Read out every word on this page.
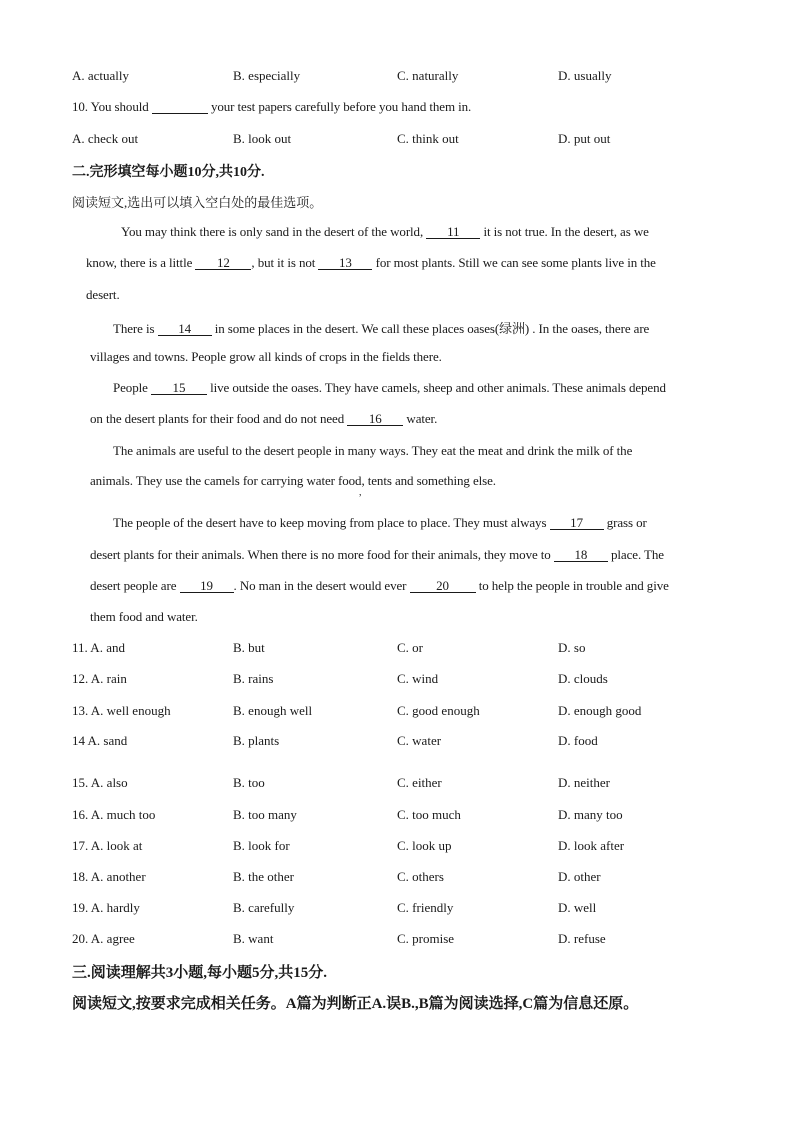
A. actually	B. especially	C. naturally	D. usually
10. You should	your test papers carefully before you hand them in.
A. check out	B. look out	C. think out	D. put out
二.完形填空每小题10分,共10分.
阅读短文,选出可以填入空白处的最佳选项。
You may think there is only sand in the desert of the world, 11 it is not true. In the desert, as we
know, there is a little 12 , but it is not 13 for most plants. Still we can see some plants live in the
desert.
There is 14 in some places in the desert. We call these places oases(绿洲) . In the oases, there are
villages and towns. People grow all kinds of crops in the fields there.
People 15 live outside the oases. They have camels, sheep and other animals. These animals depend
on the desert plants for their food and do not need 16 water.
The animals are useful to the desert people in many ways. They eat the meat and drink the milk of the
animals. They use the camels for carrying water food, tents and something else.
,
The people of the desert have to keep moving from place to place. They must always 17 grass or
desert plants for their animals. When there is no more food for their animals, they move to 18 place. The
desert people are 19 . No man in the desert would ever 20 to help the people in trouble and give
them food and water.
11. A. and	B. but	C. or	D. so
12. A. rain	B. rains	C. wind	D. clouds
13. A. well enough	B. enough well	C. good enough	D. enough good
14 A. sand	B. plants	C. water	D. food
15. A. also	B. too	C. either	D. neither
16. A. much too	B. too many	C. too much	D. many too
17. A. look at	B. look for	C. look up	D. look after
18. A. another	B. the other	C. others	D. other
19. A. hardly	B. carefully	C. friendly	D. well
20. A. agree	B. want	C. promise	D. refuse
三.阅读理解共3小题,每小题5分,共15分.
阅读短文,按要求完成相关任务。A篇为判断正A.误B.,B篇为阅读选择,C篇为信息还原。
